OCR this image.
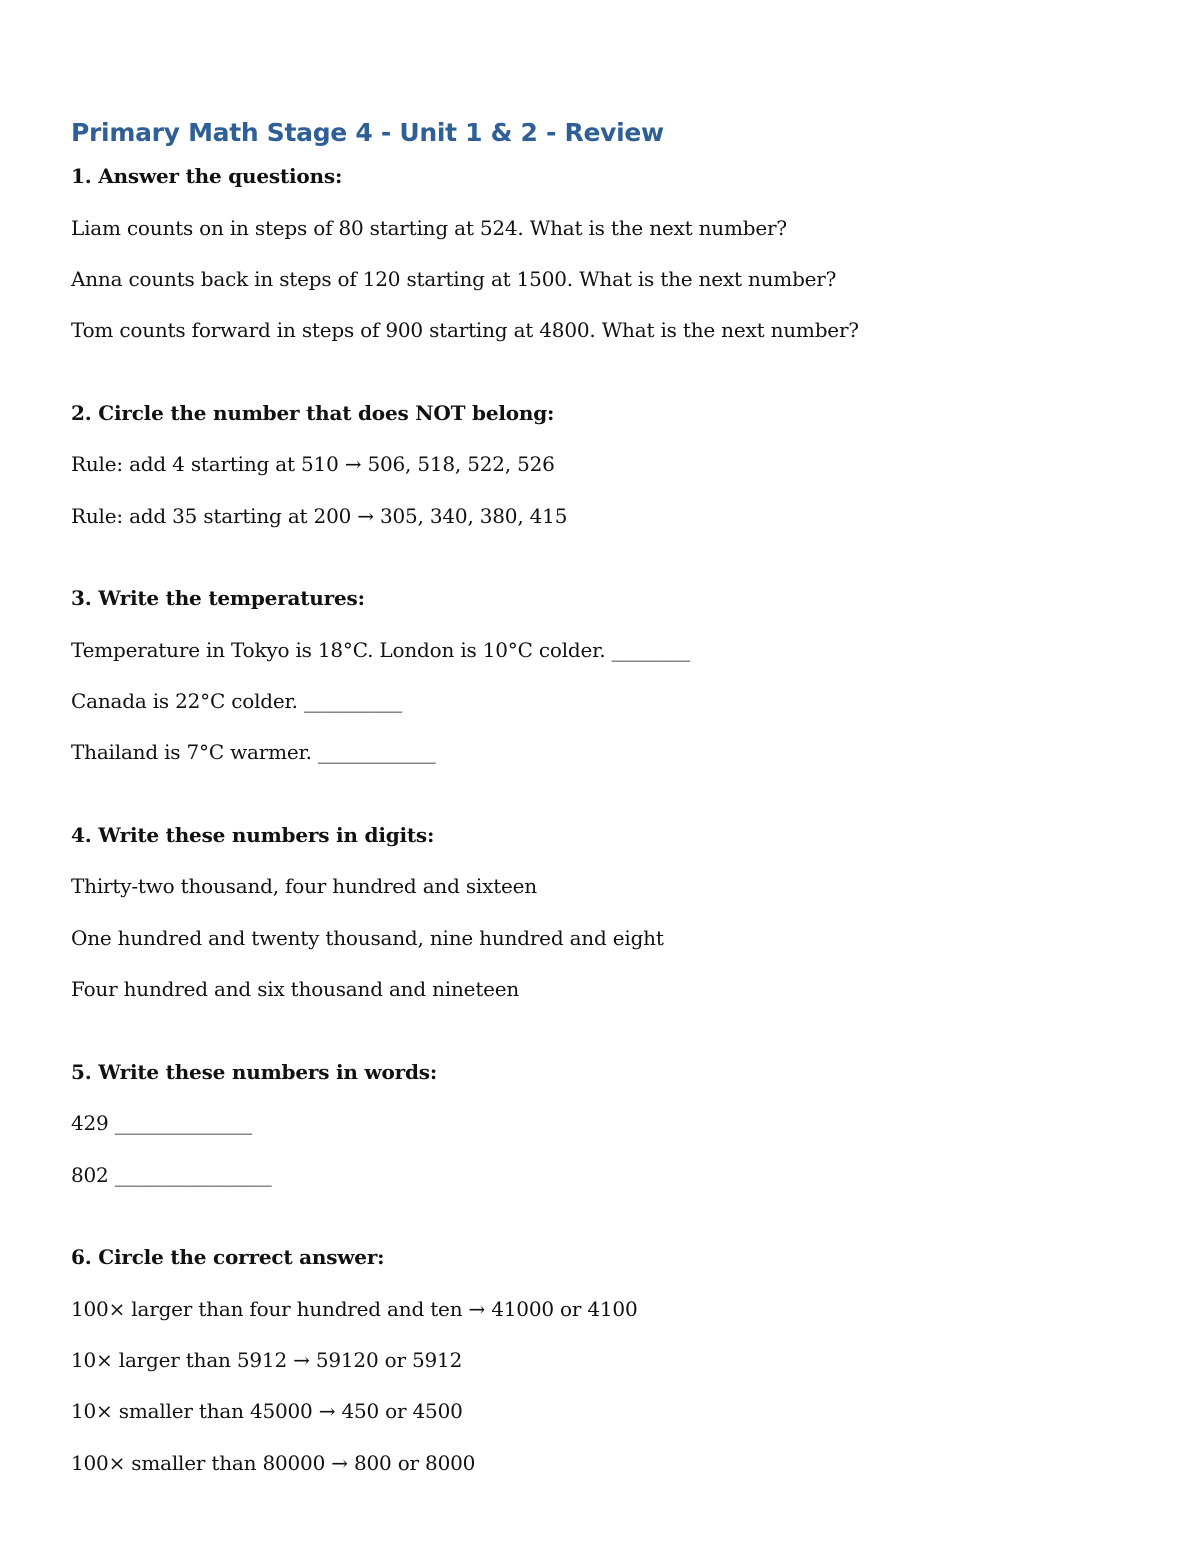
Primary Math Stage 4 - Unit 1 & 2 - Review

1. Answer the questions:

Liam counts on in steps of 80 starting at 524. What is the next number?

Anna counts back in steps of 120 starting at 1500. What is the next number?

Tom counts forward in steps of 900 starting at 4800. What is the next number?

2. Circle the number that does NOT belong:

Rule: add 4 starting at 510 → 506, 518, 522, 526

Rule: add 35 starting at 200 → 305, 340, 380, 415

3. Write the temperatures:

Temperature in Tokyo is 18°C. London is 10°C colder. ________

Canada is 22°C colder. __________

Thailand is 7°C warmer. ____________

4. Write these numbers in digits:

Thirty-two thousand, four hundred and sixteen

One hundred and twenty thousand, nine hundred and eight

Four hundred and six thousand and nineteen

5. Write these numbers in words:

429 ______________

802 ________________

6. Circle the correct answer:

100× larger than four hundred and ten → 41000 or 4100

10× larger than 5912 → 59120 or 5912

10× smaller than 45000 → 450 or 4500

100× smaller than 80000 → 800 or 8000
